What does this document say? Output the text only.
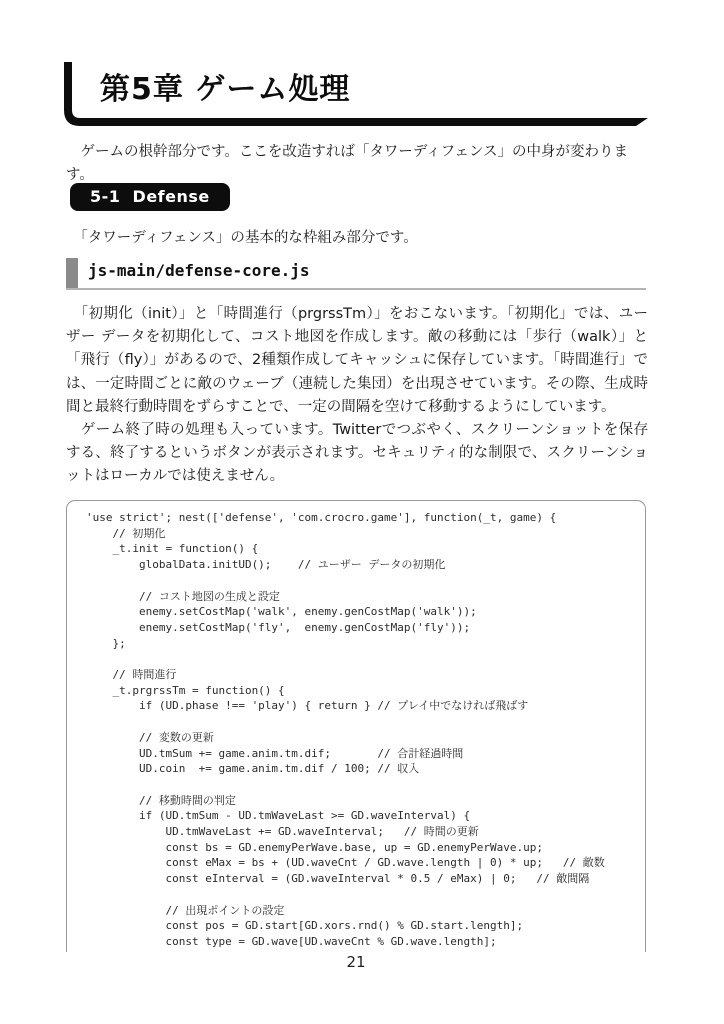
第5章 ゲーム処理

　ゲームの根幹部分です。ここを改造すれば「タワーディフェンス」の中身が変わります。

5-1  Defense

　「タワーディフェンス」の基本的な枠組み部分です。

js-main/defense-core.js

　「初期化（init）」と「時間進行（prgrssTm）」をおこないます。「初期化」では、ユーザー データを初期化して、コスト地図を作成します。敵の移動には「歩行（walk）」と「飛行（fly）」があるので、2種類作成してキャッシュに保存しています。「時間進行」では、一定時間ごとに敵のウェーブ（連続した集団）を出現させています。その際、生成時間と最終行動時間をずらすことで、一定の間隔を空けて移動するようにしています。

　ゲーム終了時の処理も入っています。Twitterでつぶやく、スクリーンショットを保存する、終了するというボタンが表示されます。セキュリティ的な制限で、スクリーンショットはローカルでは使えません。

'use strict'; nest(['defense', 'com.crocro.game'], function(_t, game) {
// 初期化
_t.init = function() {
globalData.initUD();    // ユーザー データの初期化

// コスト地図の生成と設定
enemy.setCostMap('walk', enemy.genCostMap('walk'));
enemy.setCostMap('fly',  enemy.genCostMap('fly'));
};

// 時間進行
_t.prgrssTm = function() {
if (UD.phase !== 'play') { return } // プレイ中でなければ飛ばす

// 変数の更新
UD.tmSum += game.anim.tm.dif;       // 合計経過時間
UD.coin  += game.anim.tm.dif / 100; // 収入

// 移動時間の判定
if (UD.tmSum - UD.tmWaveLast >= GD.waveInterval) {
UD.tmWaveLast += GD.waveInterval;   // 時間の更新
const bs = GD.enemyPerWave.base, up = GD.enemyPerWave.up;
const eMax = bs + (UD.waveCnt / GD.wave.length | 0) * up;   // 敵数
const eInterval = (GD.waveInterval * 0.5 / eMax) | 0;   // 敵間隔

// 出現ポイントの設定
const pos = GD.start[GD.xors.rnd() % GD.start.length];
const type = GD.wave[UD.waveCnt % GD.wave.length];
21
